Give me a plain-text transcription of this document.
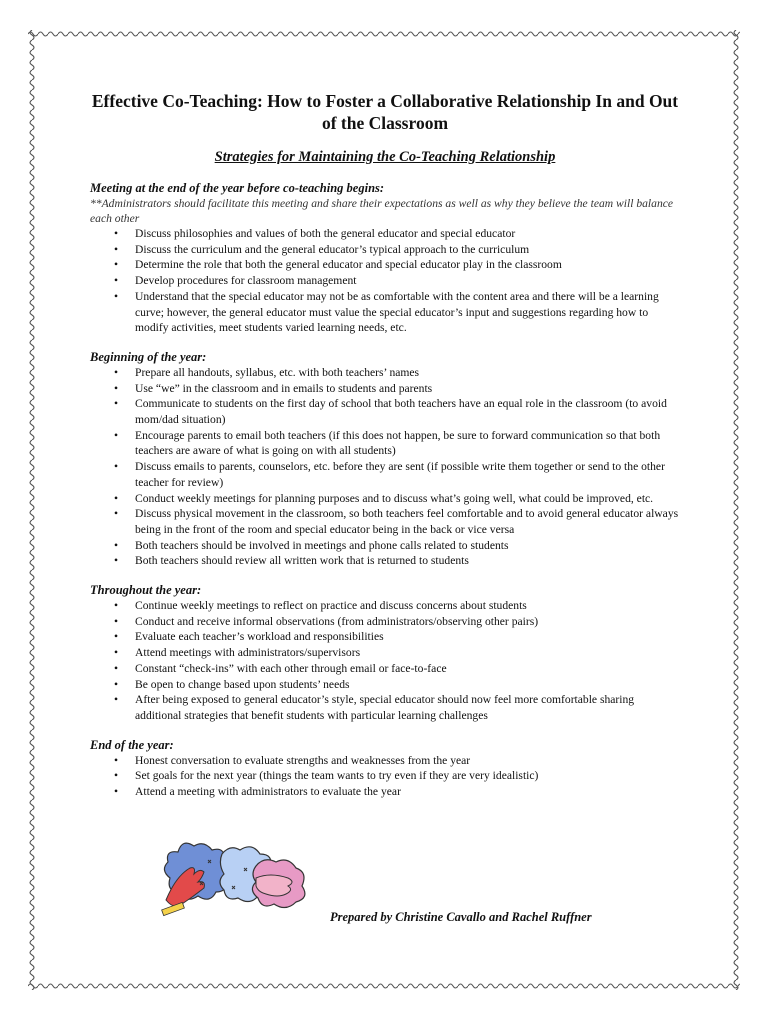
Effective Co-Teaching: How to Foster a Collaborative Relationship In and Out of the Classroom
Strategies for Maintaining the Co-Teaching Relationship
Meeting at the end of the year before co-teaching begins:
**Administrators should facilitate this meeting and share their expectations as well as why they believe the team will balance each other
• Discuss philosophies and values of both the general educator and special educator
• Discuss the curriculum and the general educator’s typical approach to the curriculum
• Determine the role that both the general educator and special educator play in the classroom
• Develop procedures for classroom management
• Understand that the special educator may not be as comfortable with the content area and there will be a learning curve; however, the general educator must value the special educator’s input and suggestions regarding how to modify activities, meet students varied learning needs, etc.
Beginning of the year:
• Prepare all handouts, syllabus, etc. with both teachers’ names
• Use “we” in the classroom and in emails to students and parents
• Communicate to students on the first day of school that both teachers have an equal role in the classroom (to avoid mom/dad situation)
• Encourage parents to email both teachers (if this does not happen, be sure to forward communication so that both teachers are aware of what is going on with all students)
• Discuss emails to parents, counselors, etc. before they are sent (if possible write them together or send to the other teacher for review)
• Conduct weekly meetings for planning purposes and to discuss what’s going well, what could be improved, etc.
• Discuss physical movement in the classroom, so both teachers feel comfortable and to avoid general educator always being in the front of the room and special educator being in the back or vice versa
• Both teachers should be involved in meetings and phone calls related to students
• Both teachers should review all written work that is returned to students
Throughout the year:
• Continue weekly meetings to reflect on practice and discuss concerns about students
• Conduct and receive informal observations (from administrators/observing other pairs)
• Evaluate each teacher’s workload and responsibilities
• Attend meetings with administrators/supervisors
• Constant “check-ins” with each other through email or face-to-face
• Be open to change based upon students’ needs
• After being exposed to general educator’s style, special educator should now feel more comfortable sharing additional strategies that benefit students with particular learning challenges
End of the year:
• Honest conversation to evaluate strengths and weaknesses from the year
• Set goals for the next year (things the team wants to try even if they are very idealistic)
• Attend a meeting with administrators to evaluate the year
Prepared by Christine Cavallo and Rachel Ruffner
